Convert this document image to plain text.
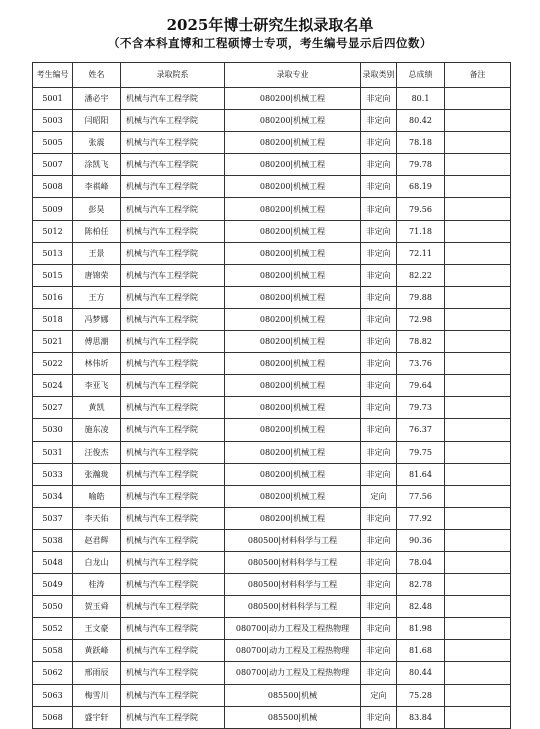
2025年博士研究生拟录取名单
（不含本科直博和工程硕博士专项，考生编号显示后四位数）
考生编号	姓名	录取院系	录取专业	录取类别	总成绩	备注
5001	潘必宇	机械与汽车工程学院	080200|机械工程	非定向	80.1	
5003	闫昭阳	机械与汽车工程学院	080200|机械工程	非定向	80.42	
5005	张震	机械与汽车工程学院	080200|机械工程	非定向	78.18	
5007	涂凯飞	机械与汽车工程学院	080200|机械工程	非定向	79.78	
5008	李祺峰	机械与汽车工程学院	080200|机械工程	非定向	68.19	
5009	彭昊	机械与汽车工程学院	080200|机械工程	非定向	79.56	
5012	陈柏任	机械与汽车工程学院	080200|机械工程	非定向	71.18	
5013	王景	机械与汽车工程学院	080200|机械工程	非定向	72.11	
5015	唐锦荣	机械与汽车工程学院	080200|机械工程	非定向	82.22	
5016	王方	机械与汽车工程学院	080200|机械工程	非定向	79.88	
5018	冯梦娜	机械与汽车工程学院	080200|机械工程	非定向	72.98	
5021	傅思潮	机械与汽车工程学院	080200|机械工程	非定向	78.82	
5022	林伟圻	机械与汽车工程学院	080200|机械工程	非定向	73.76	
5024	李亚飞	机械与汽车工程学院	080200|机械工程	非定向	79.64	
5027	黄凯	机械与汽车工程学院	080200|机械工程	非定向	79.73	
5030	施东凌	机械与汽车工程学院	080200|机械工程	非定向	76.37	
5031	汪俊杰	机械与汽车工程学院	080200|机械工程	非定向	79.75	
5033	张瀚珑	机械与汽车工程学院	080200|机械工程	非定向	81.64	
5034	喻皓	机械与汽车工程学院	080200|机械工程	定向	77.56	
5037	李天佑	机械与汽车工程学院	080200|机械工程	非定向	77.92	
5038	赵君辉	机械与汽车工程学院	080500|材料科学与工程	非定向	90.36	
5048	白龙山	机械与汽车工程学院	080500|材料科学与工程	非定向	78.04	
5049	桂涛	机械与汽车工程学院	080500|材料科学与工程	非定向	82.78	
5050	贺玉舜	机械与汽车工程学院	080500|材料科学与工程	非定向	82.48	
5052	王文豪	机械与汽车工程学院	080700|动力工程及工程热物理	非定向	81.98	
5058	黄跃峰	机械与汽车工程学院	080700|动力工程及工程热物理	非定向	81.68	
5062	邢雨辰	机械与汽车工程学院	080700|动力工程及工程热物理	非定向	80.44	
5063	梅雪川	机械与汽车工程学院	085500|机械	定向	75.28	
5068	盛宇轩	机械与汽车工程学院	085500|机械	非定向	83.84	
